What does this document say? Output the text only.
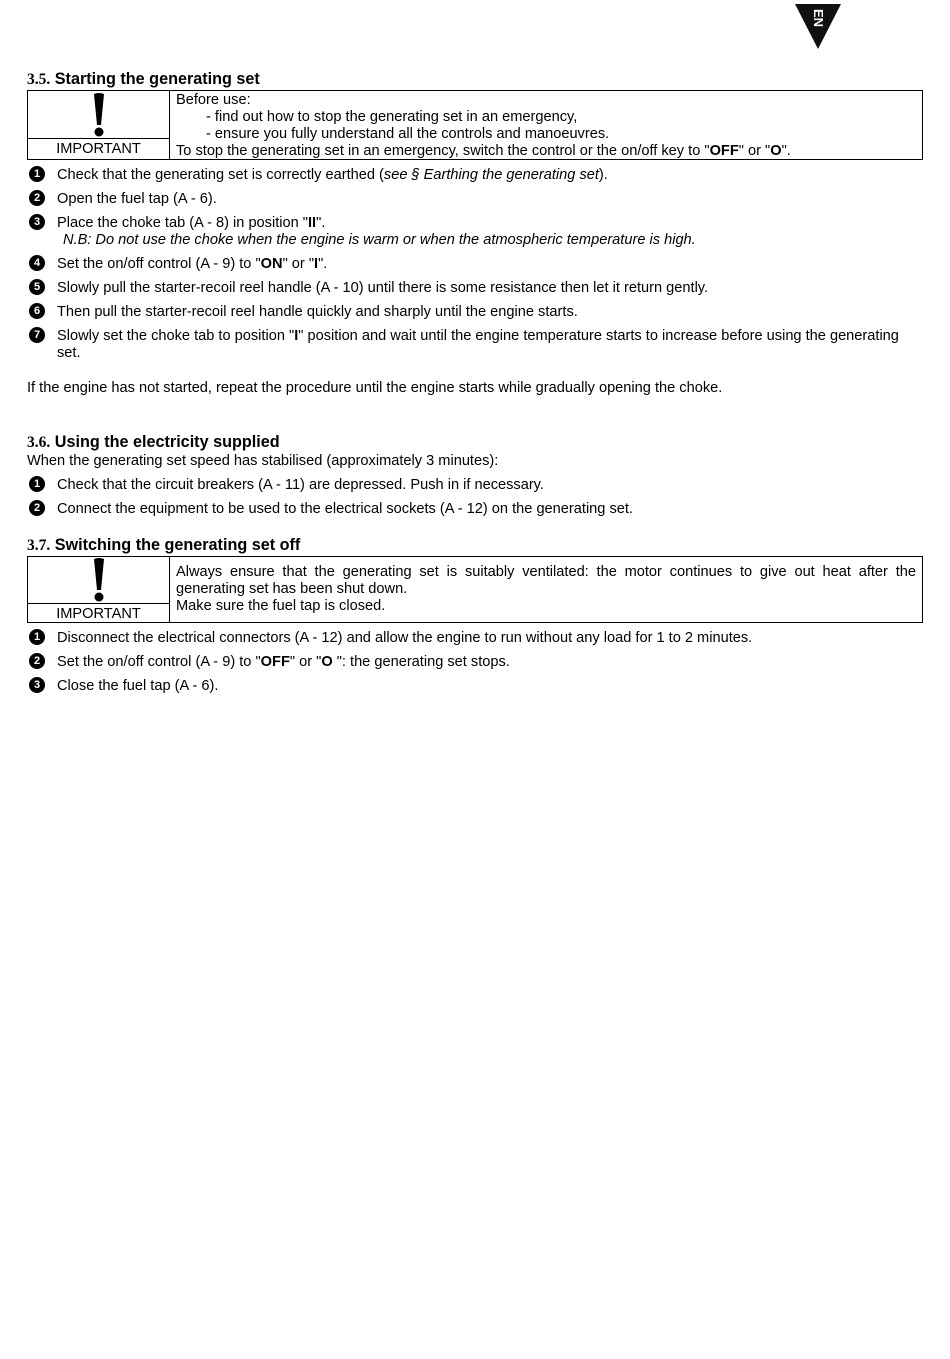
EN
3.5. Starting the generating set
IMPORTANT

Before use:

- find out how to stop the generating set in an emergency,

- ensure you fully understand all the controls and manoeuvres.

To stop the generating set in an emergency, switch the control or the on/off key to "OFF" or "O".

1	Check that the generating set is correctly earthed (see § Earthing the generating set).
2	Open the fuel tap (A - 6).
3	Place the choke tab (A - 8) in position "II".

N.B: Do not use the choke when the engine is warm or when the atmospheric temperature is high.

4	Set the on/off control (A - 9) to "ON" or "I".
5	Slowly pull the starter-recoil reel handle (A - 10) until there is some resistance then let it return gently.
6	Then pull the starter-recoil reel handle quickly and sharply until the engine starts.
7	Slowly set the choke tab to position "I" position and wait until the engine temperature starts to increase before using the generating set.

If the engine has not started, repeat the procedure until the engine starts while gradually opening the choke.

3.6. Using the electricity supplied

When the generating set speed has stabilised (approximately 3 minutes):

1	Check that the circuit breakers (A - 11) are depressed. Push in if necessary.
2	Connect the equipment to be used to the electrical sockets (A - 12) on the generating set.
3.7. Switching the generating set off
IMPORTANT

Always ensure that the generating set is suitably ventilated: the motor continues to give out heat after the generating set has been shut down.

Make sure the fuel tap is closed.

1	Disconnect the electrical connectors (A - 12) and allow the engine to run without any load for 1 to 2 minutes.
2	Set the on/off control (A - 9) to "OFF" or "O ": the generating set stops.
3	Close the fuel tap (A - 6).
